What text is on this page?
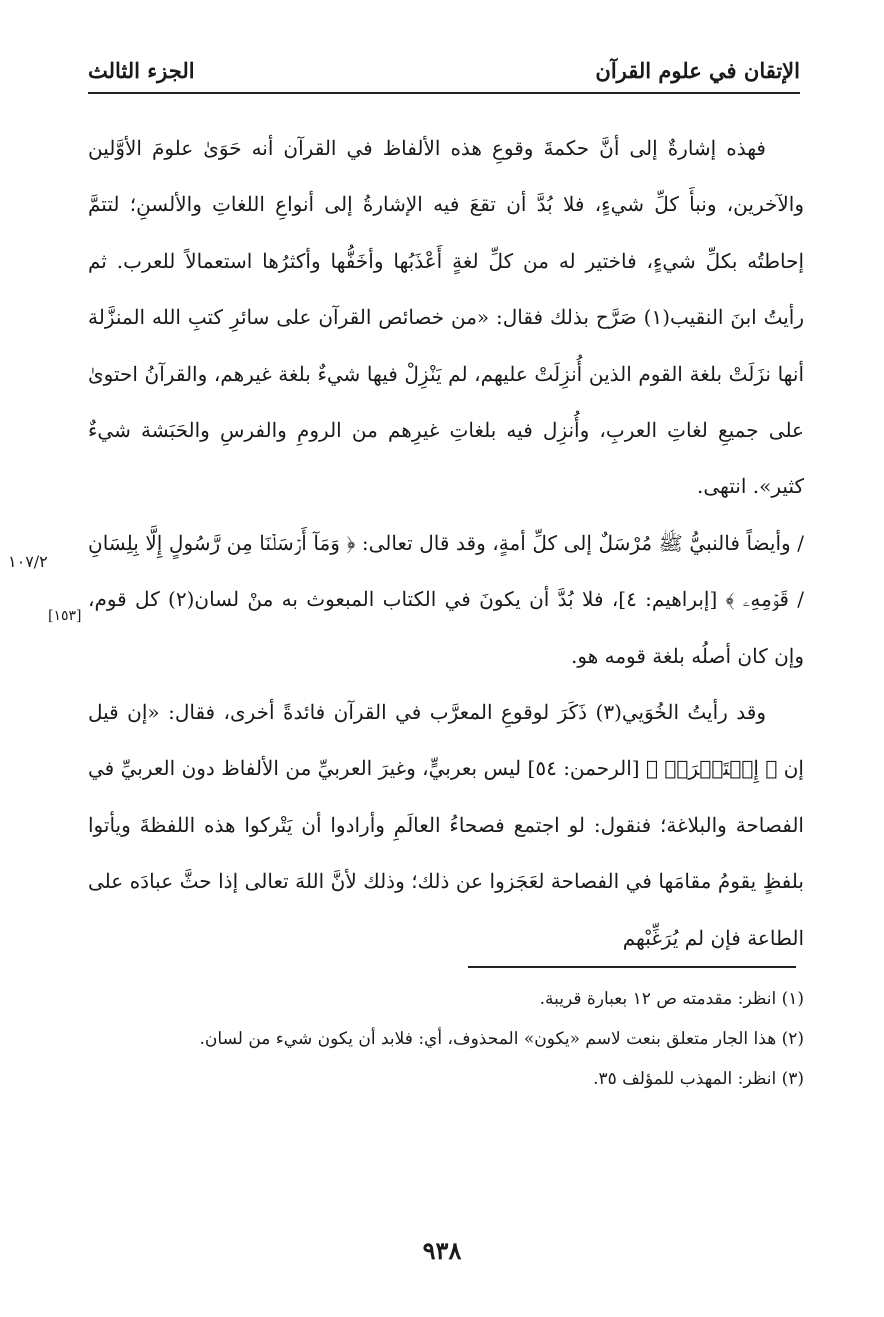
الإتقان في علوم القرآن
الجزء الثالث
١٠٧/٢
[١٥٣]

فهذه إشارةٌ إلى أنَّ حكمةَ وقوعِ هذه الألفاظ في القرآن أنه حَوَىٰ علومَ الأوَّلين والآخرين، ونبأَ كلِّ شيءٍ، فلا بُدَّ أن تقعَ فيه الإشارةُ إلى أنواعِ اللغاتِ والألسنِ؛ لتتمَّ إحاطتُه بكلِّ شيءٍ، فاختير له من كلِّ لغةٍ أَعْذَبُها وأخَفُّها وأكثرُها استعمالاً للعرب. ثم رأيتُ ابنَ النقيب(١) صَرَّح بذلك فقال: «من خصائص القرآن على سائرِ كتبِ الله المنزَّلة أنها نزَلَتْ بلغة القوم الذين أُنزِلَتْ عليهم، لم يَنْزِلْ فيها شيءٌ بلغة غيرهم، والقرآنُ احتوىٰ على جميعِ لغاتِ العربِ، وأُنزِل فيه بلغاتِ غيرِهم من الرومِ والفرسِ والحَبَشة شيءٌ كثير». انتهى.

/ وأيضاً فالنبيُّ ﷺ مُرْسَلٌ إلى كلِّ أمةٍ، وقد قال تعالى: ﴿ وَمَآ أَرۡسَلۡنَا مِن رَّسُولٍ إِلَّا بِلِسَانِ / قَوۡمِهِۦ ﴾ [إبراهيم: ٤]، فلا بُدَّ أن يكونَ في الكتاب المبعوث به منْ لسان(٢) كل قوم، وإن كان أصلُه بلغة قومه هو.

وقد رأيتُ الخُوَيي(٣) ذَكَرَ لوقوعِ المعرَّب في القرآن فائدةً أخرى، فقال: «إن قيل إن ﴿ إِسۡتَبۡرَقٖ ﴾ [الرحمن: ٥٤] ليس بعربيٍّ، وغيرَ العربيِّ من الألفاظ دون العربيِّ في الفصاحة والبلاغة؛ فنقول: لو اجتمع فصحاءُ العالَمِ وأرادوا أن يَتْركوا هذه اللفظةَ ويأتوا بلفظٍ يقومُ مقامَها في الفصاحة لعَجَزوا عن ذلك؛ وذلك لأنَّ اللهَ تعالى إذا حثَّ عبادَه على الطاعة فإن لم يُرَغِّبْهم

(١) انظر: مقدمته ص ١٢ بعبارة قريبة.

(٢) هذا الجار متعلق بنعت لاسم «يكون» المحذوف، أي: فلابد أن يكون شيء من لسان.

(٣) انظر: المهذب للمؤلف ٣٥.

٩٣٨
